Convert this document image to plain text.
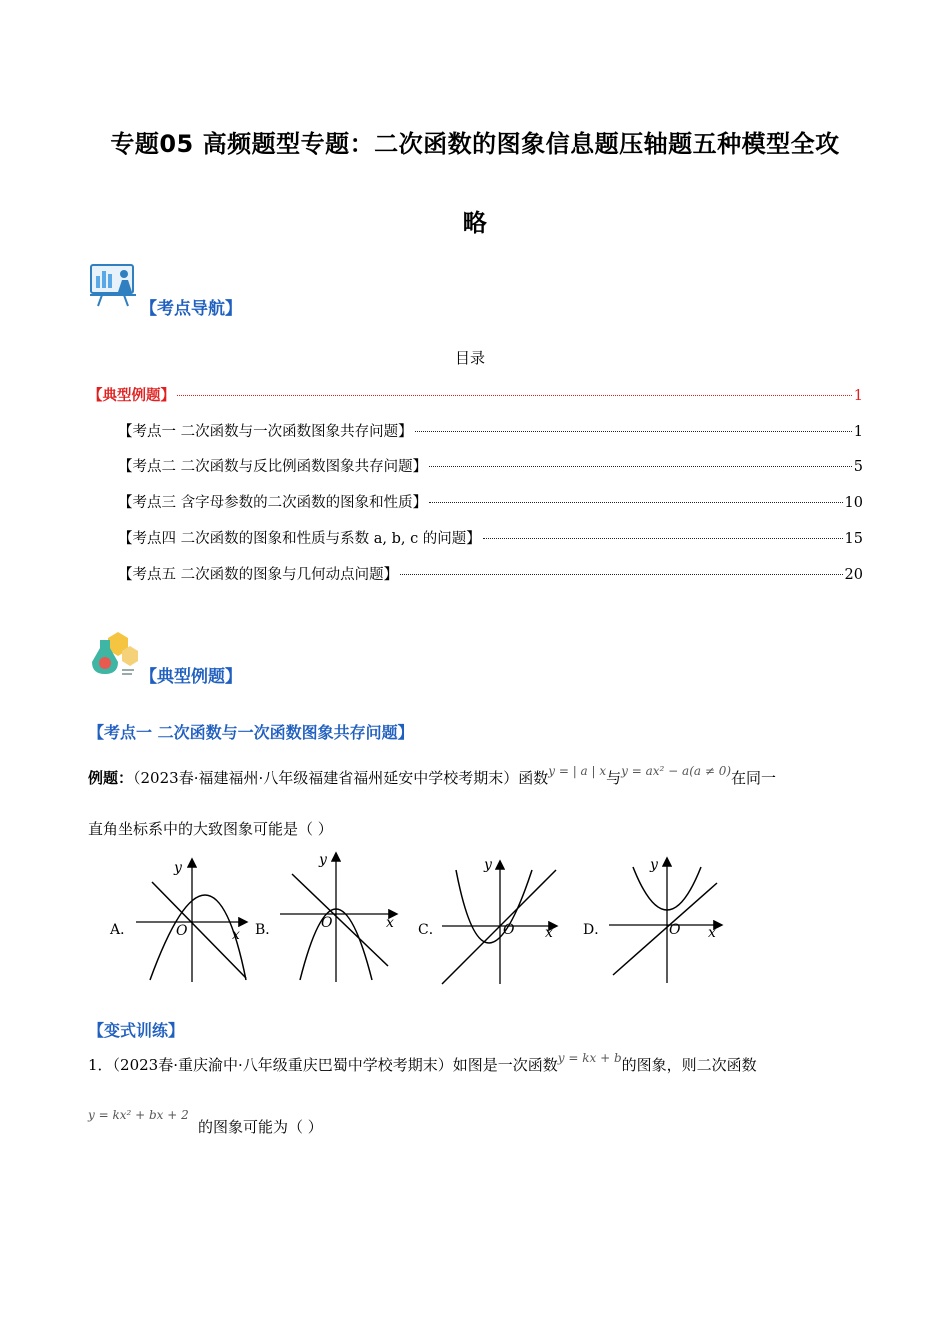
专题05 高频题型专题：二次函数的图象信息题压轴题五种模型全攻
略
【考点导航】
目录
【典型例题】	1
【考点一 二次函数与一次函数图象共存问题】	1
【考点二 二次函数与反比例函数图象共存问题】	5
【考点三 含字母参数的二次函数的图象和性质】	10
【考点四 二次函数的图象和性质与系数 a, b, c 的问题】	15
【考点五 二次函数的图象与几何动点问题】	20
【典型例题】
【考点一 二次函数与一次函数图象共存问题】
例题：（2023春·福建福州·八年级福建省福州延安中学校考期末）函数$^{y = | a | x}$与$^{y = ax^2 - a(a \ne 0)}$在同一
直角坐标系中的大致图象可能是（ ）
A．
y
O	x B．
y
O	x C．
y
O x D．
y
O x
【变式训练】
1．（2023春·重庆渝中·八年级重庆巴蜀中学校考期末）如图是一次函数$^{y = kx + b}$的图象，则二次函数
y = kx² + bx + 2
的图象可能为（ ）
